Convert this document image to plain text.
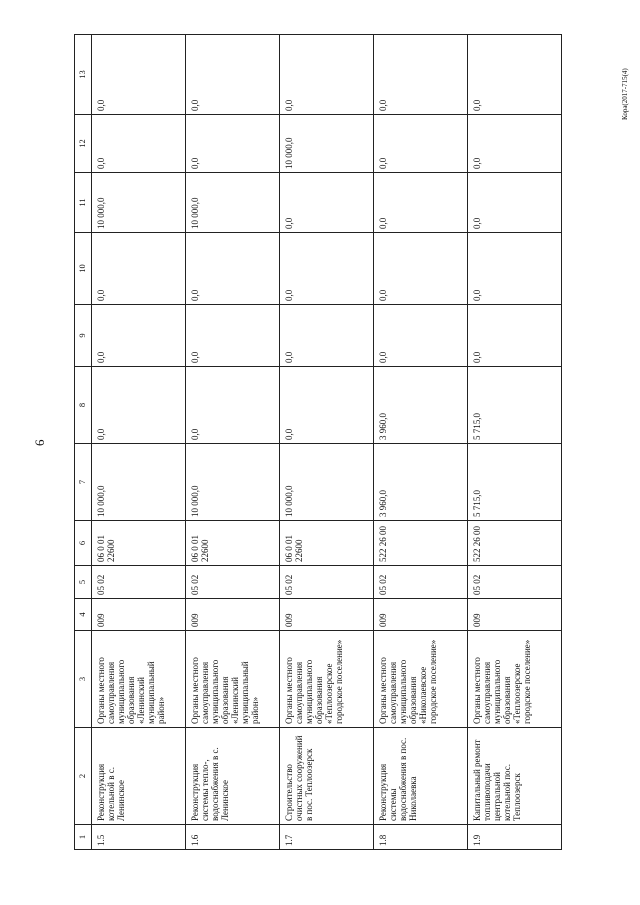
6
Кора(2017-715(4)
1	2	3	4	5	6	7	8	9	10	11	12	13
1.5	Реконструкция котельной в с. Ленинское	Органы местного самоуправления муниципального образования «Ленинский муниципальный район»	009	05 02	06 0 01 22600	10 000,0	0,0	0,0	0,0	10 000,0	0,0	0,0
1.6	Реконструкция системы тепло-, водоснабжения в с. Ленинское	Органы местного самоуправления муниципального образования «Ленинский муниципальный район»	009	05 02	06 0 01 22600	10 000,0	0,0	0,0	0,0	10 000,0	0,0	0,0
1.7	Строительство очистных сооружений в пос. Теплоозерск	Органы местного самоуправления муниципального образования «Теплоозерское городское поселение»	009	05 02	06 0 01 22600	10 000,0	0,0	0,0	0,0	0,0	10 000,0	0,0
1.8	Реконструкция системы водоснабжения в пос. Николаевка	Органы местного самоуправления муниципального образования «Николаевское городское поселение»	009	05 02	522 26 00	3 960,0	3 960,0	0,0	0,0	0,0	0,0	0,0
1.9	Капитальный ремонт топливоподачи центральной котельной пос. Теплоозерск	Органы местного самоуправления муниципального образования «Теплоозерское городское поселение»	009	05 02	522 26 00	5 715,0	5 715,0	0,0	0,0	0,0	0,0	0,0
